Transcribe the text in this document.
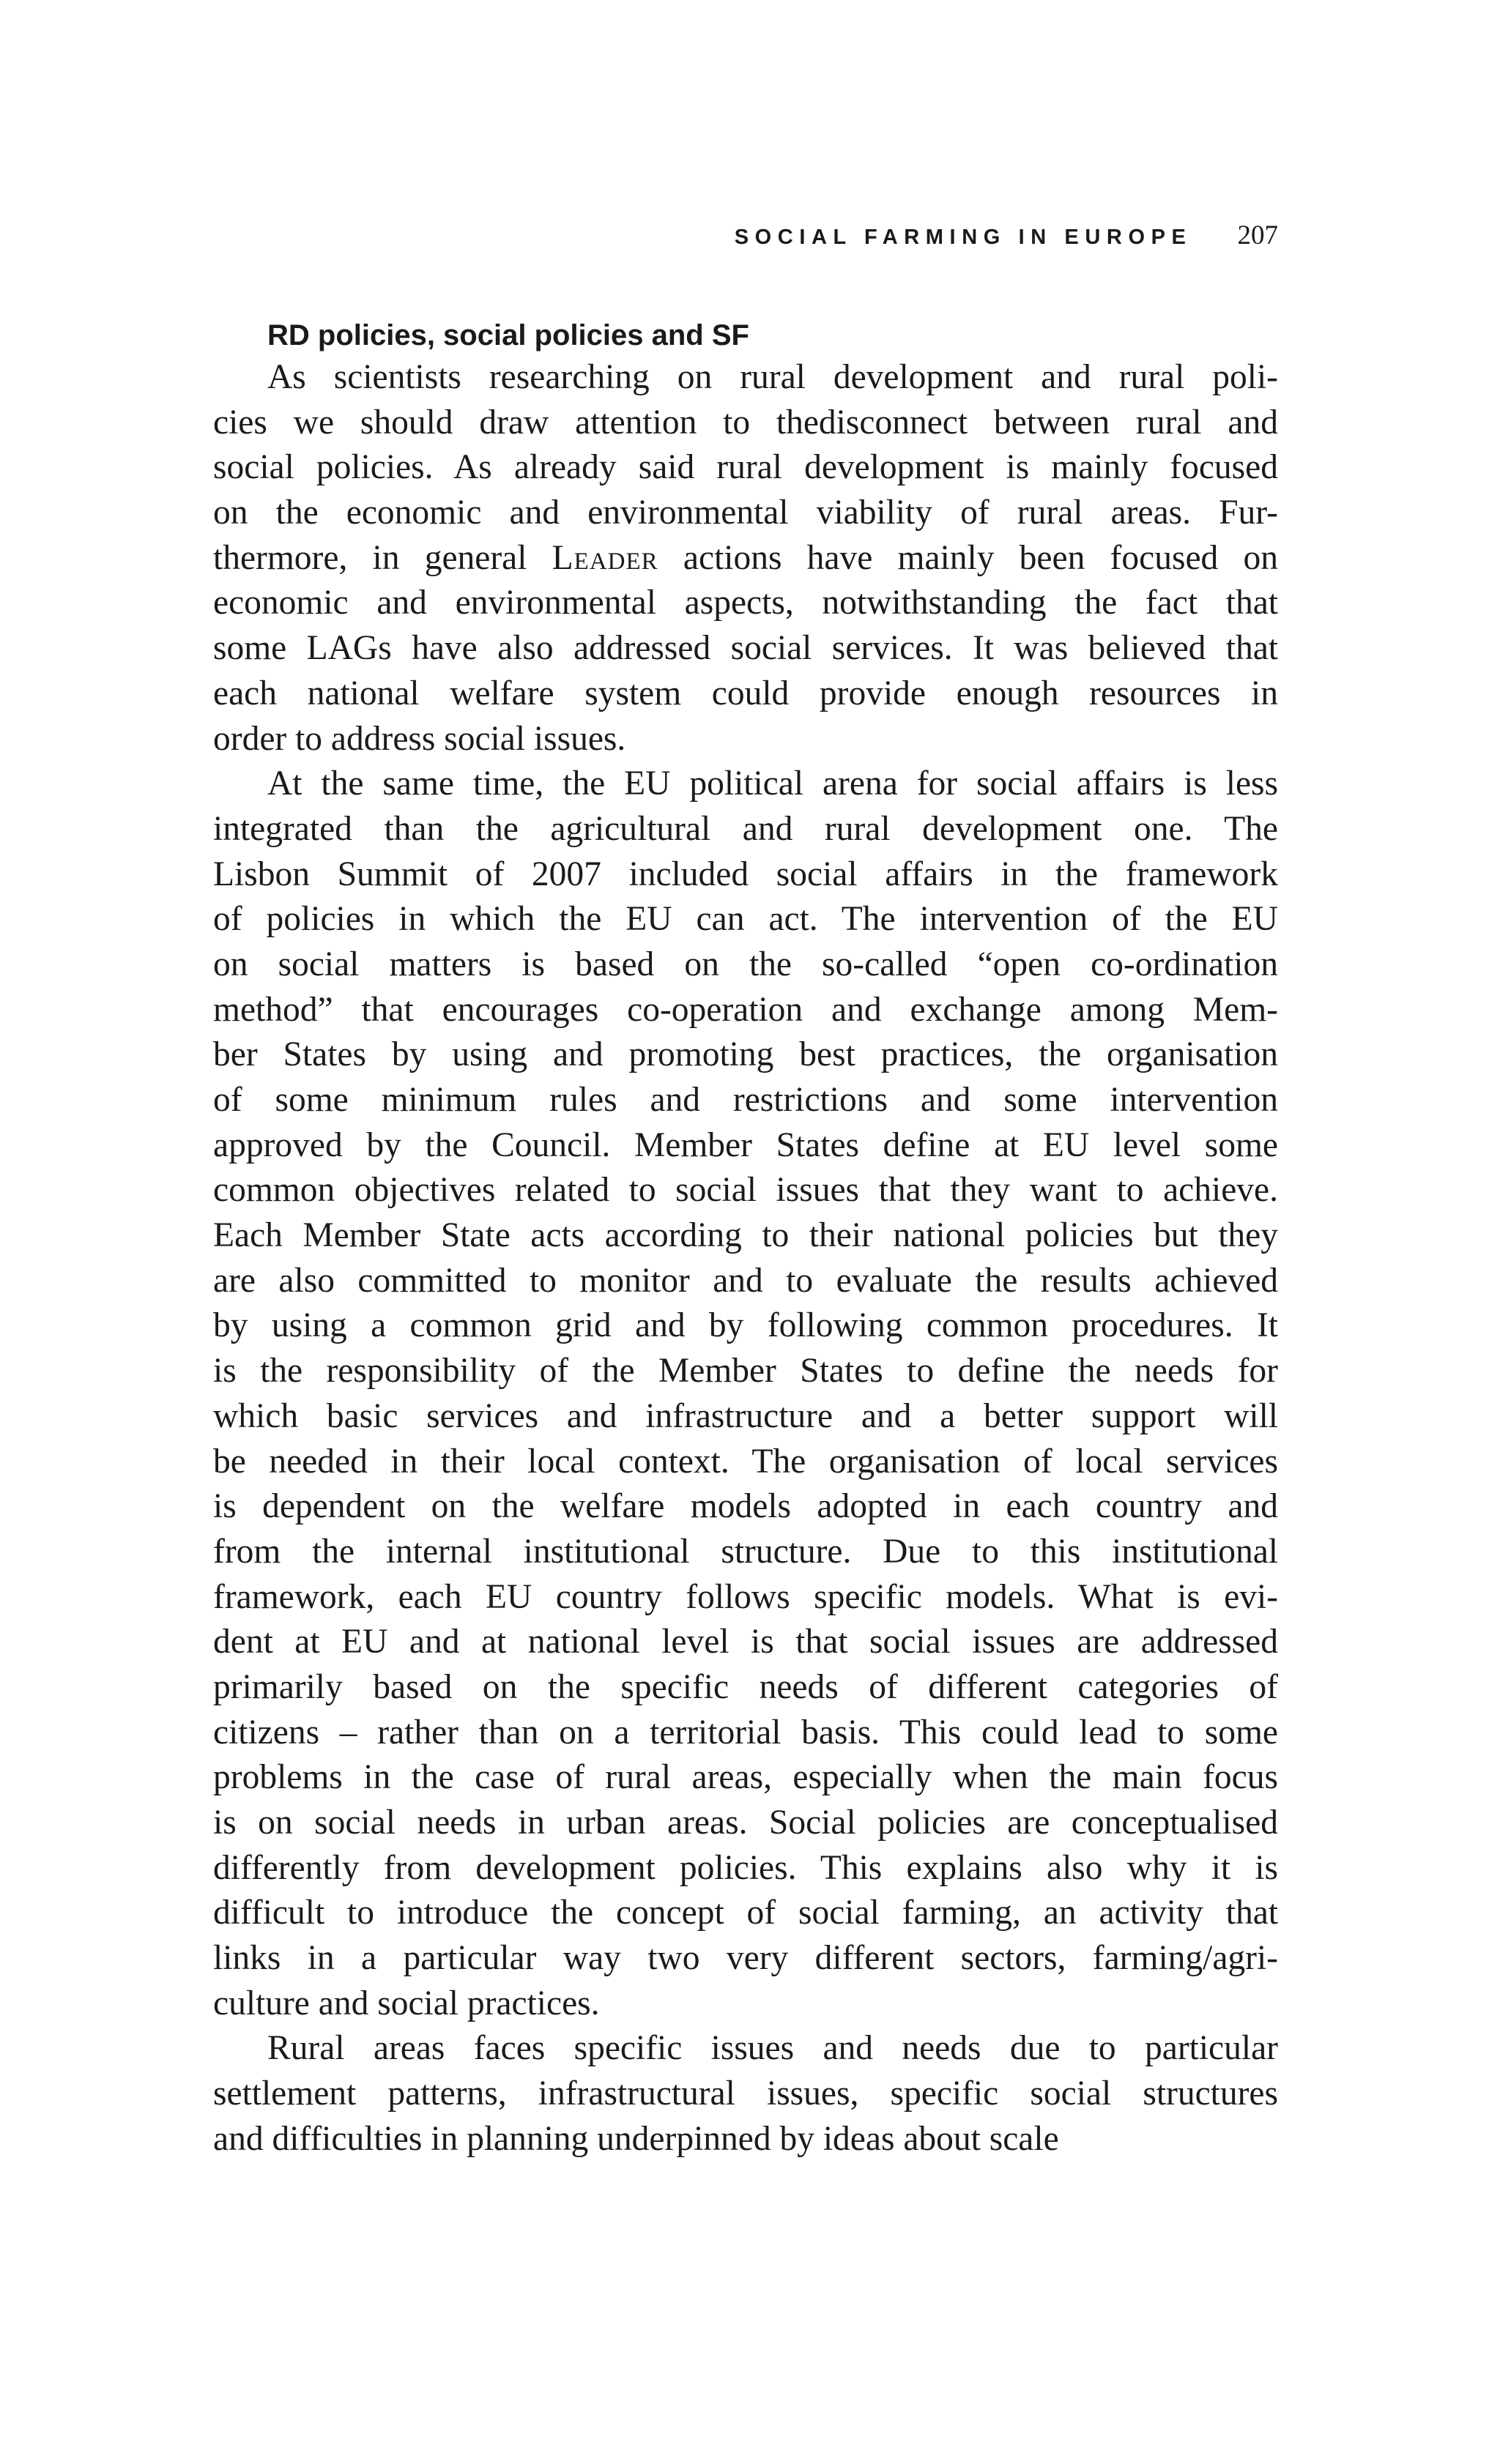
SOCIAL FARMING IN EUROPE 207
RD policies, social policies and SF
As scientists researching on rural development and rural poli-
cies we should draw attention to thedisconnect between rural and
social policies. As already said rural development is mainly focused
on the economic and environmental viability of rural areas. Fur-
thermore, in general Leader actions have mainly been focused on
economic and environmental aspects, notwithstanding the fact that
some LAGs have also addressed social services. It was believed that
each national welfare system could provide enough resources in
order to address social issues.
At the same time, the EU political arena for social affairs is less
integrated than the agricultural and rural development one. The
Lisbon Summit of 2007 included social affairs in the framework
of policies in which the EU can act. The intervention of the EU
on social matters is based on the so-called “open co-ordination
method” that encourages co-operation and exchange among Mem-
ber States by using and promoting best practices, the organisation
of some minimum rules and restrictions and some intervention
approved by the Council. Member States define at EU level some
common objectives related to social issues that they want to achieve.
Each Member State acts according to their national policies but they
are also committed to monitor and to evaluate the results achieved
by using a common grid and by following common procedures. It
is the responsibility of the Member States to define the needs for
which basic services and infrastructure and a better support will
be needed in their local context. The organisation of local services
is dependent on the welfare models adopted in each country and
from the internal institutional structure. Due to this institutional
framework, each EU country follows specific models. What is evi-
dent at EU and at national level is that social issues are addressed
primarily based on the specific needs of different categories of
citizens – rather than on a territorial basis. This could lead to some
problems in the case of rural areas, especially when the main focus
is on social needs in urban areas. Social policies are conceptualised
differently from development policies. This explains also why it is
difficult to introduce the concept of social farming, an activity that
links in a particular way two very different sectors, farming/agri-
culture and social practices.
Rural areas faces specific issues and needs due to particular
settlement patterns, infrastructural issues, specific social structures
and difficulties in planning underpinned by ideas about scale
